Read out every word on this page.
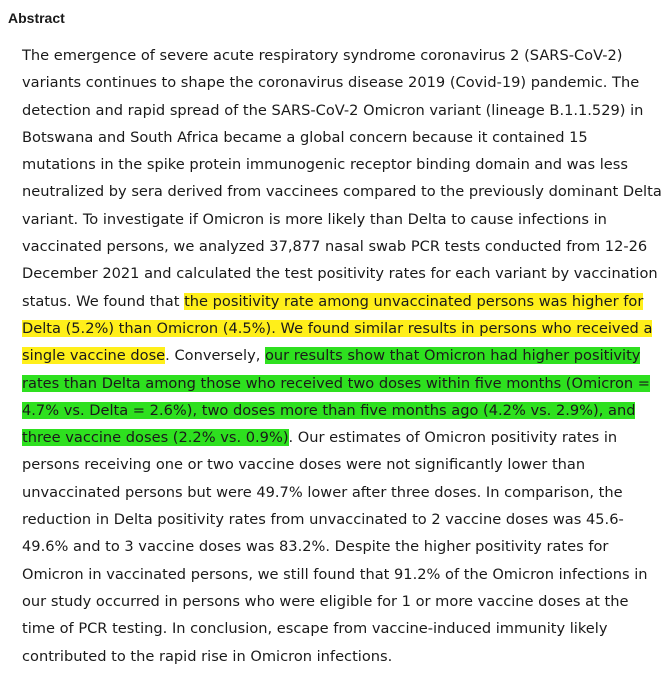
Abstract
The emergence of severe acute respiratory syndrome coronavirus 2 (SARS-CoV-2)
variants continues to shape the coronavirus disease 2019 (Covid-19) pandemic. The
detection and rapid spread of the SARS-CoV-2 Omicron variant (lineage B.1.1.529) in
Botswana and South Africa became a global concern because it contained 15
mutations in the spike protein immunogenic receptor binding domain and was less
neutralized by sera derived from vaccinees compared to the previously dominant Delta
variant. To investigate if Omicron is more likely than Delta to cause infections in
vaccinated persons, we analyzed 37,877 nasal swab PCR tests conducted from 12-26
December 2021 and calculated the test positivity rates for each variant by vaccination
status. We found that the positivity rate among unvaccinated persons was higher for
Delta (5.2%) than Omicron (4.5%). We found similar results in persons who received a
single vaccine dose. Conversely, our results show that Omicron had higher positivity
rates than Delta among those who received two doses within five months (Omicron =
4.7% vs. Delta = 2.6%), two doses more than five months ago (4.2% vs. 2.9%), and
three vaccine doses (2.2% vs. 0.9%). Our estimates of Omicron positivity rates in
persons receiving one or two vaccine doses were not significantly lower than
unvaccinated persons but were 49.7% lower after three doses. In comparison, the
reduction in Delta positivity rates from unvaccinated to 2 vaccine doses was 45.6-
49.6% and to 3 vaccine doses was 83.2%. Despite the higher positivity rates for
Omicron in vaccinated persons, we still found that 91.2% of the Omicron infections in
our study occurred in persons who were eligible for 1 or more vaccine doses at the
time of PCR testing. In conclusion, escape from vaccine-induced immunity likely
contributed to the rapid rise in Omicron infections.
